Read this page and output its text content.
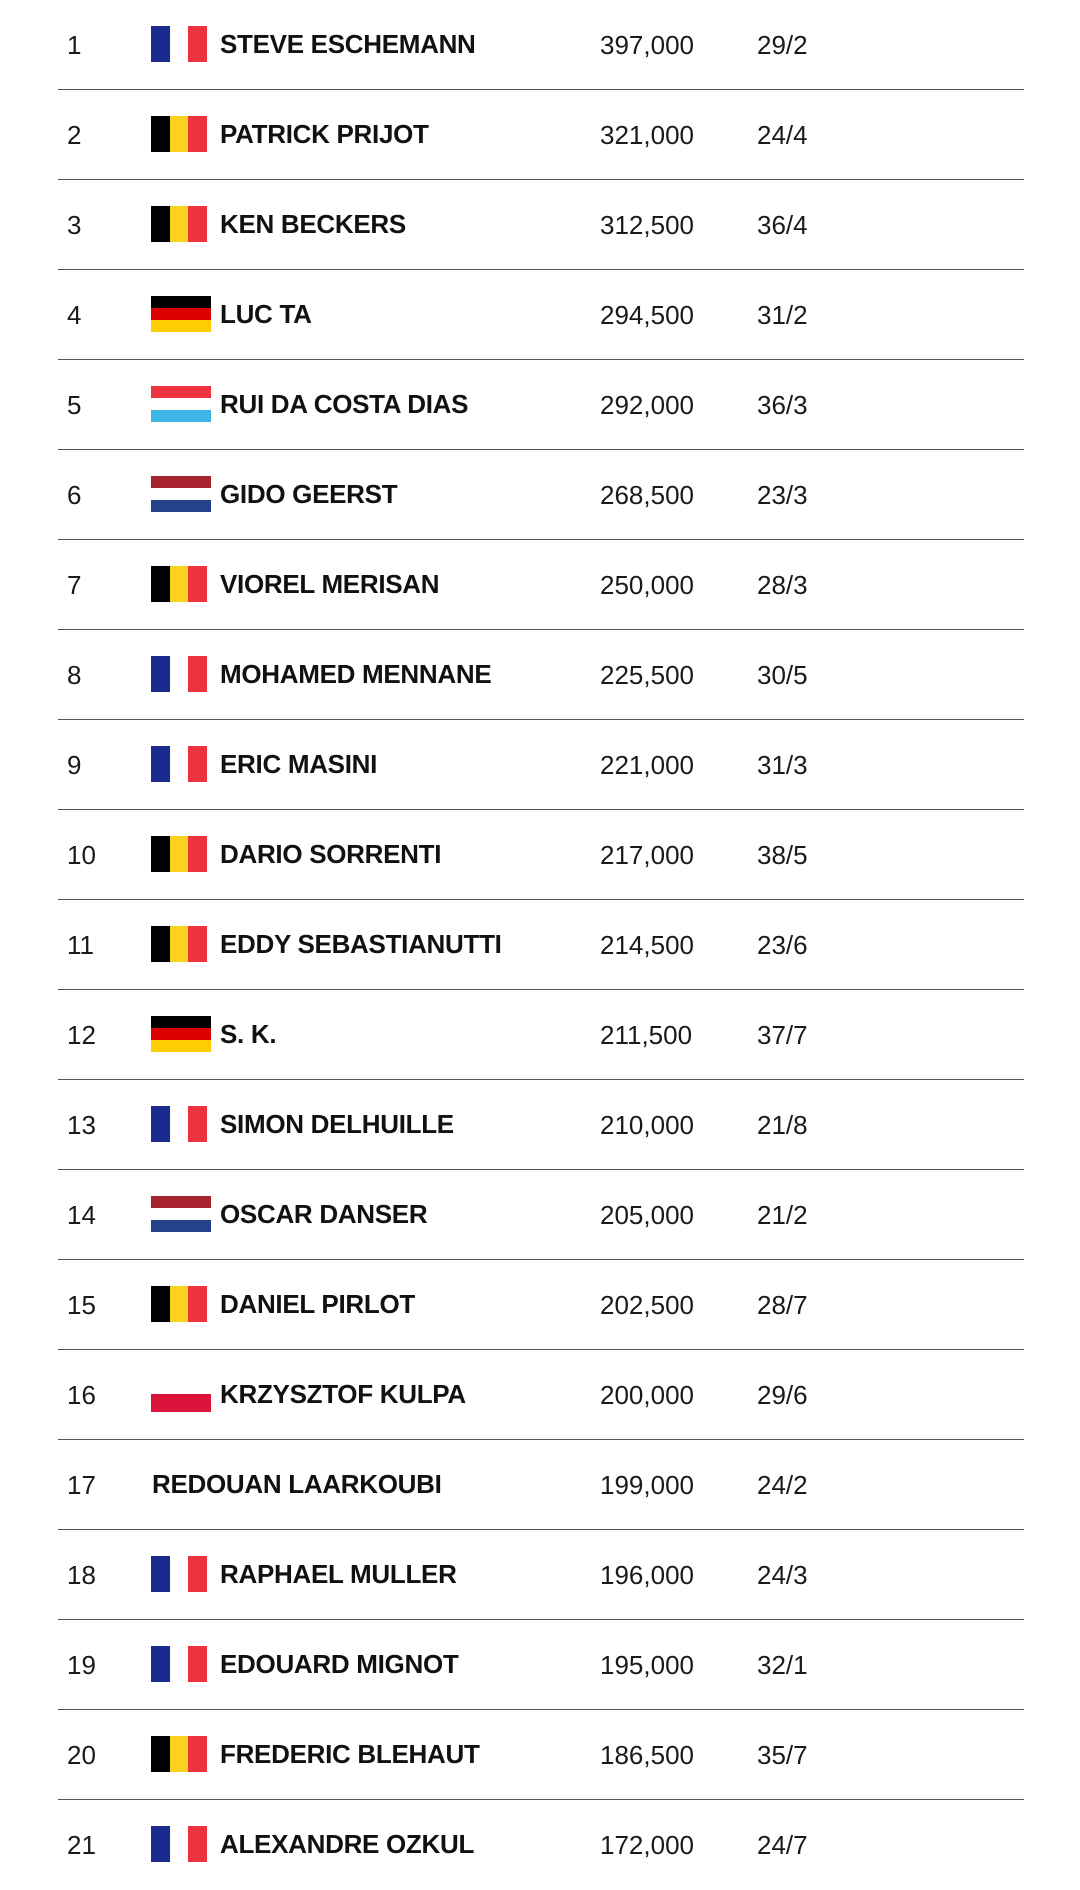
1	STEVE ESCHEMANN	397,000 29/2
2	PATRICK PRIJOT	321,000 24/4
3	KEN BECKERS	312,500 36/4
4	LUC TA	294,500 31/2
5	RUI DA COSTA DIAS	292,000 36/3
6	GIDO GEERST	268,500 23/3
7	VIOREL MERISAN	250,000 28/3
8	MOHAMED MENNANE	225,500 30/5
9	ERIC MASINI	221,000 31/3
10	DARIO SORRENTI	217,000 38/5
11	EDDY SEBASTIANUTTI	214,500 23/6
12	S. K.	211,500 37/7
13	SIMON DELHUILLE	210,000 21/8
14	OSCAR DANSER	205,000 21/2
15	DANIEL PIRLOT	202,500 28/7
16	KRZYSZTOF KULPA	200,000 29/6
17 REDOUAN LAARKOUBI	199,000 24/2
18	RAPHAEL MULLER	196,000 24/3
19	EDOUARD MIGNOT	195,000 32/1
20	FREDERIC BLEHAUT	186,500 35/7
21	ALEXANDRE OZKUL	172,000 24/7
